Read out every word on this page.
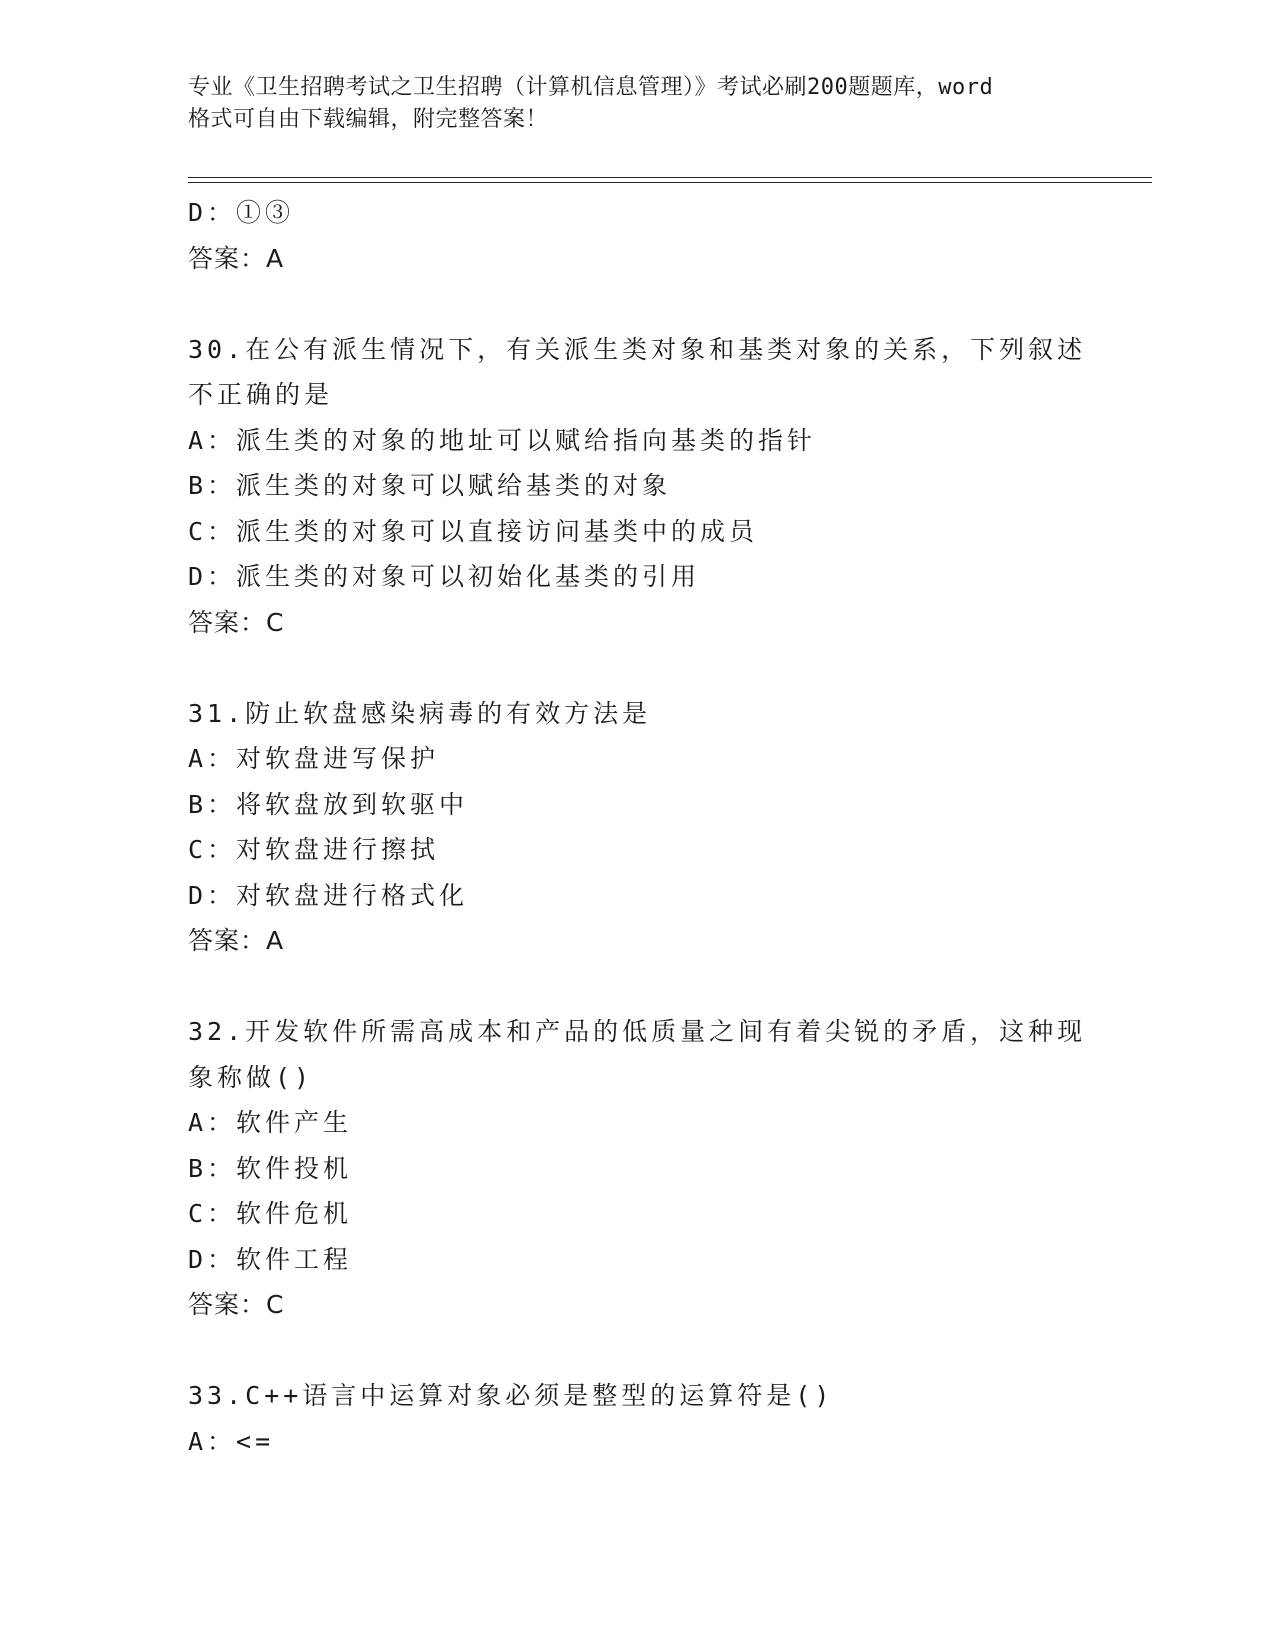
专业《卫生招聘考试之卫生招聘（计算机信息管理）》考试必刷200题题库，word
格式可自由下载编辑，附完整答案！
D：①③
答案：A
30.在公有派生情况下，有关派生类对象和基类对象的关系，下列叙述
不正确的是
A：派生类的对象的地址可以赋给指向基类的指针
B：派生类的对象可以赋给基类的对象
C：派生类的对象可以直接访问基类中的成员
D：派生类的对象可以初始化基类的引用
答案：C
31.防止软盘感染病毒的有效方法是
A：对软盘进写保护
B：将软盘放到软驱中
C：对软盘进行擦拭
D：对软盘进行格式化
答案：A
32.开发软件所需高成本和产品的低质量之间有着尖锐的矛盾，这种现
象称做()
A：软件产生
B：软件投机
C：软件危机
D：软件工程
答案：C
33.C++语言中运算对象必须是整型的运算符是()
A：<=
